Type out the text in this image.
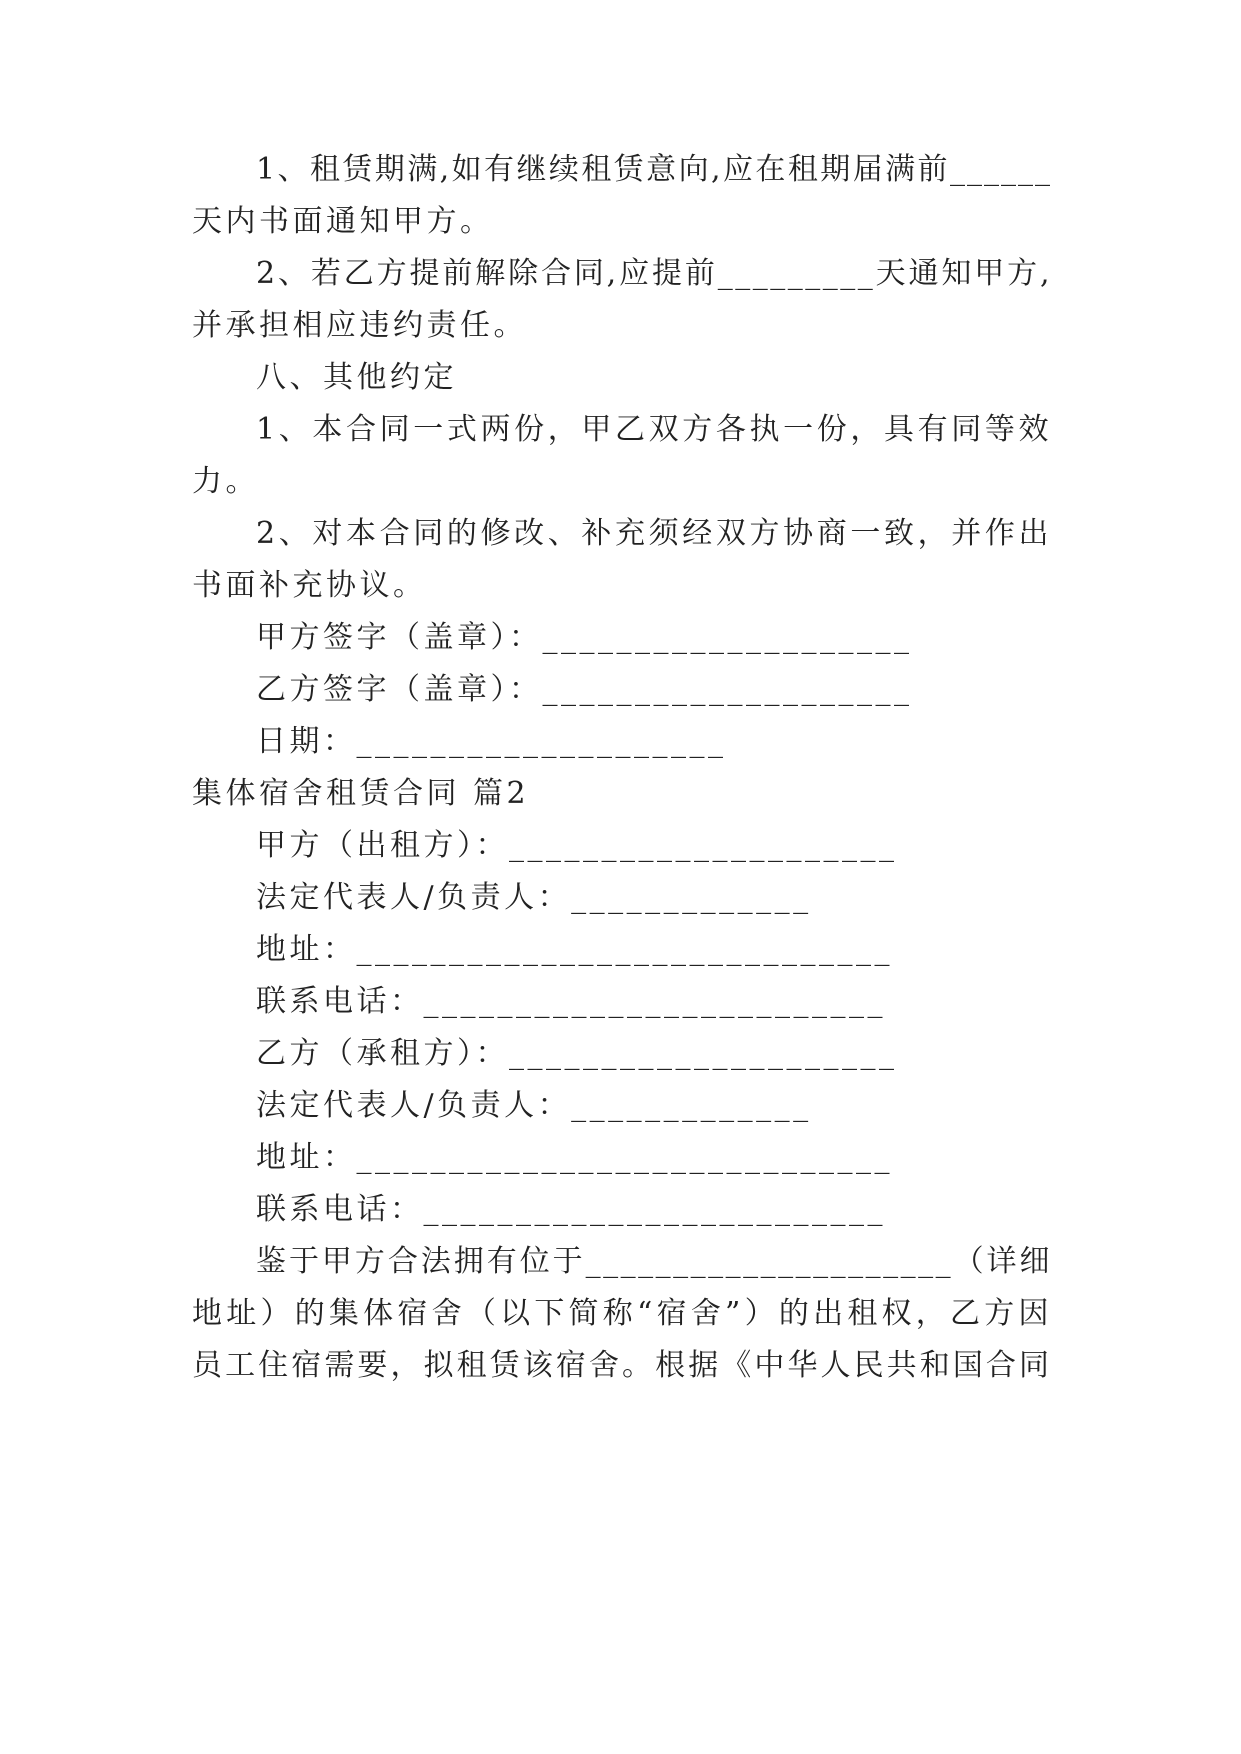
1、租赁期满,如有继续租赁意向,应在租期届满前______
天内书面通知甲方。
2、若乙方提前解除合同,应提前_________天通知甲方,
并承担相应违约责任。
八、其他约定
1、本合同一式两份，甲乙双方各执一份，具有同等效
力。
2、对本合同的修改、补充须经双方协商一致，并作出
书面补充协议。
甲方签字（盖章）：____________________
乙方签字（盖章）：____________________
日期：____________________
集体宿舍租赁合同 篇2
甲方（出租方）：_____________________
法定代表人/负责人：_____________
地址：_____________________________
联系电话：_________________________
乙方（承租方）：_____________________
法定代表人/负责人：_____________
地址：_____________________________
联系电话：_________________________
鉴于甲方合法拥有位于_____________________（详细
地址）的集体宿舍（以下简称“宿舍”）的出租权，乙方因
员工住宿需要，拟租赁该宿舍。根据《中华人民共和国合同
